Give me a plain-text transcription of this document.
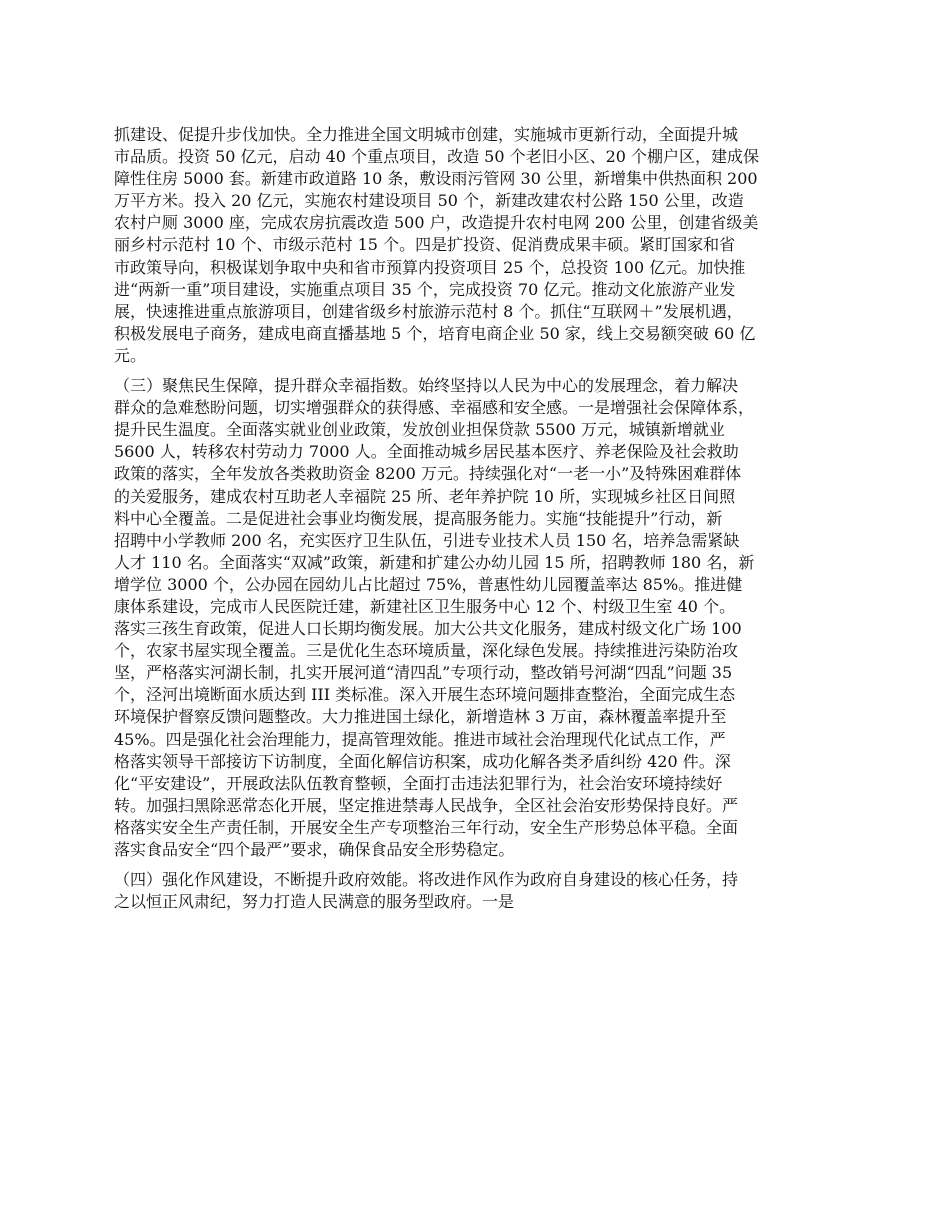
抓建设、促提升步伐加快。全力推进全国文明城市创建，实施城市更新行动，全面提升城
市品质。投资 50 亿元，启动 40 个重点项目，改造 50 个老旧小区、20 个棚户区，建成保
障性住房 5000 套。新建市政道路 10 条，敷设雨污管网 30 公里，新增集中供热面积 200
万平方米。投入 20 亿元，实施农村建设项目 50 个，新建改建农村公路 150 公里，改造
农村户厕 3000 座，完成农房抗震改造 500 户，改造提升农村电网 200 公里，创建省级美
丽乡村示范村 10 个、市级示范村 15 个。四是扩投资、促消费成果丰硕。紧盯国家和省
市政策导向，积极谋划争取中央和省市预算内投资项目 25 个，总投资 100 亿元。加快推
进“两新一重”项目建设，实施重点项目 35 个，完成投资 70 亿元。推动文化旅游产业发
展，快速推进重点旅游项目，创建省级乡村旅游示范村 8 个。抓住“互联网＋”发展机遇，
积极发展电子商务，建成电商直播基地 5 个，培育电商企业 50 家，线上交易额突破 60 亿
元。

（三）聚焦民生保障，提升群众幸福指数。始终坚持以人民为中心的发展理念，着力解决
群众的急难愁盼问题，切实增强群众的获得感、幸福感和安全感。一是增强社会保障体系，
提升民生温度。全面落实就业创业政策，发放创业担保贷款 5500 万元，城镇新增就业
5600 人，转移农村劳动力 7000 人。全面推动城乡居民基本医疗、养老保险及社会救助
政策的落实，全年发放各类救助资金 8200 万元。持续强化对“一老一小”及特殊困难群体
的关爱服务，建成农村互助老人幸福院 25 所、老年养护院 10 所，实现城乡社区日间照
料中心全覆盖。二是促进社会事业均衡发展，提高服务能力。实施“技能提升”行动，新
招聘中小学教师 200 名，充实医疗卫生队伍，引进专业技术人员 150 名，培养急需紧缺
人才 110 名。全面落实“双减”政策，新建和扩建公办幼儿园 15 所，招聘教师 180 名，新
增学位 3000 个，公办园在园幼儿占比超过 75%，普惠性幼儿园覆盖率达 85%。推进健
康体系建设，完成市人民医院迁建，新建社区卫生服务中心 12 个、村级卫生室 40 个。
落实三孩生育政策，促进人口长期均衡发展。加大公共文化服务，建成村级文化广场 100
个，农家书屋实现全覆盖。三是优化生态环境质量，深化绿色发展。持续推进污染防治攻
坚，严格落实河湖长制，扎实开展河道“清四乱”专项行动，整改销号河湖“四乱”问题 35
个，泾河出境断面水质达到 III 类标准。深入开展生态环境问题排查整治，全面完成生态
环境保护督察反馈问题整改。大力推进国土绿化，新增造林 3 万亩，森林覆盖率提升至
45%。四是强化社会治理能力，提高管理效能。推进市域社会治理现代化试点工作，严
格落实领导干部接访下访制度，全面化解信访积案，成功化解各类矛盾纠纷 420 件。深
化“平安建设”，开展政法队伍教育整顿，全面打击违法犯罪行为，社会治安环境持续好
转。加强扫黑除恶常态化开展，坚定推进禁毒人民战争，全区社会治安形势保持良好。严
格落实安全生产责任制，开展安全生产专项整治三年行动，安全生产形势总体平稳。全面
落实食品安全“四个最严”要求，确保食品安全形势稳定。

（四）强化作风建设，不断提升政府效能。将改进作风作为政府自身建设的核心任务，持
之以恒正风肃纪，努力打造人民满意的服务型政府。一是
